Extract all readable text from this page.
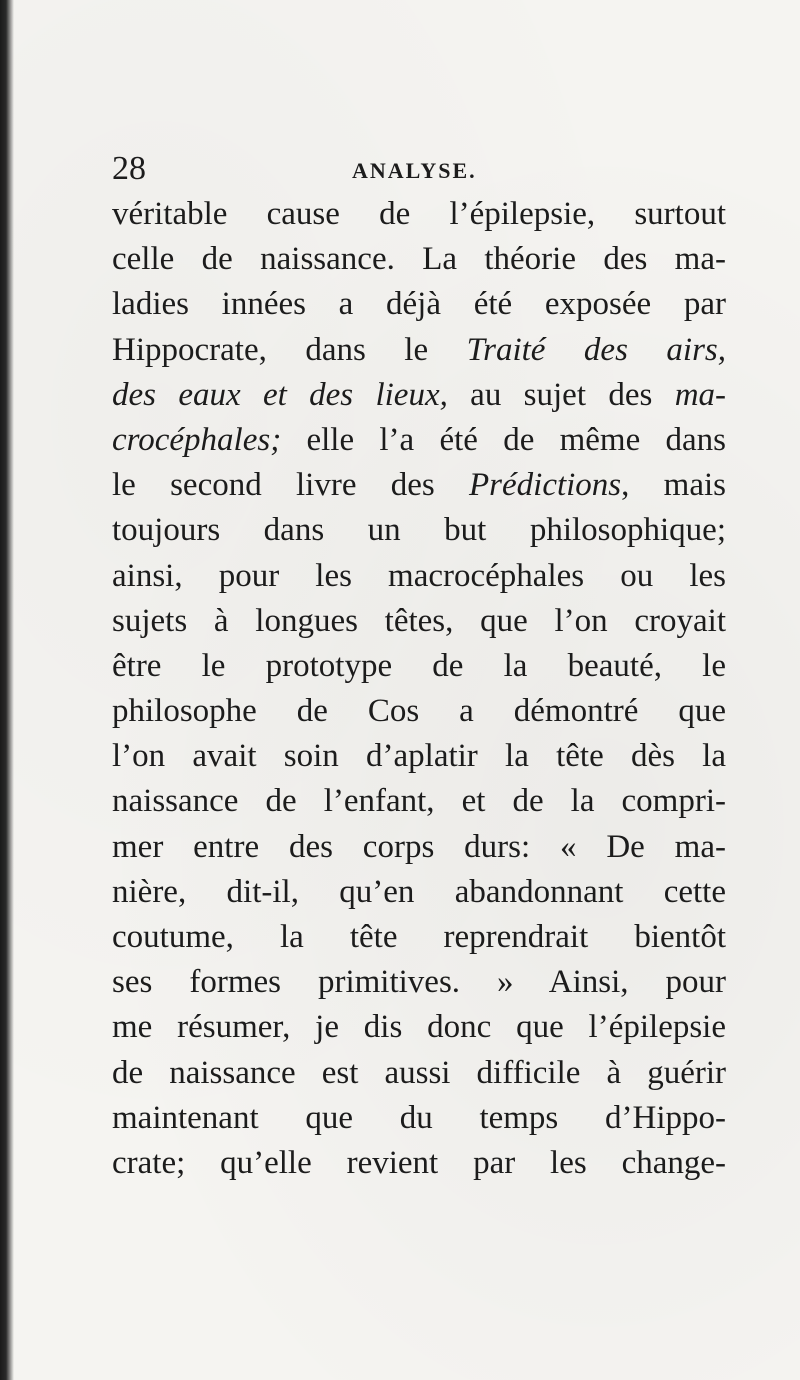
28	ANALYSE.
véritable cause de l’épilepsie, surtout
celle de naissance. La théorie des ma-
ladies innées a déjà été exposée par
Hippocrate, dans le Traité des airs,
des eaux et des lieux, au sujet des ma-
crocéphales; elle l’a été de même dans
le second livre des Prédictions, mais
toujours dans un but philosophique;
ainsi, pour les macrocéphales ou les
sujets à longues têtes, que l’on croyait
être le prototype de la beauté, le
philosophe de Cos a démontré que
l’on avait soin d’aplatir la tête dès la
naissance de l’enfant, et de la compri-
mer entre des corps durs: « De ma-
nière, dit-il, qu’en abandonnant cette
coutume, la tête reprendrait bientôt
ses formes primitives. » Ainsi, pour
me résumer, je dis donc que l’épilepsie
de naissance est aussi difficile à guérir
maintenant que du temps d’Hippo-
crate; qu’elle revient par les change-
